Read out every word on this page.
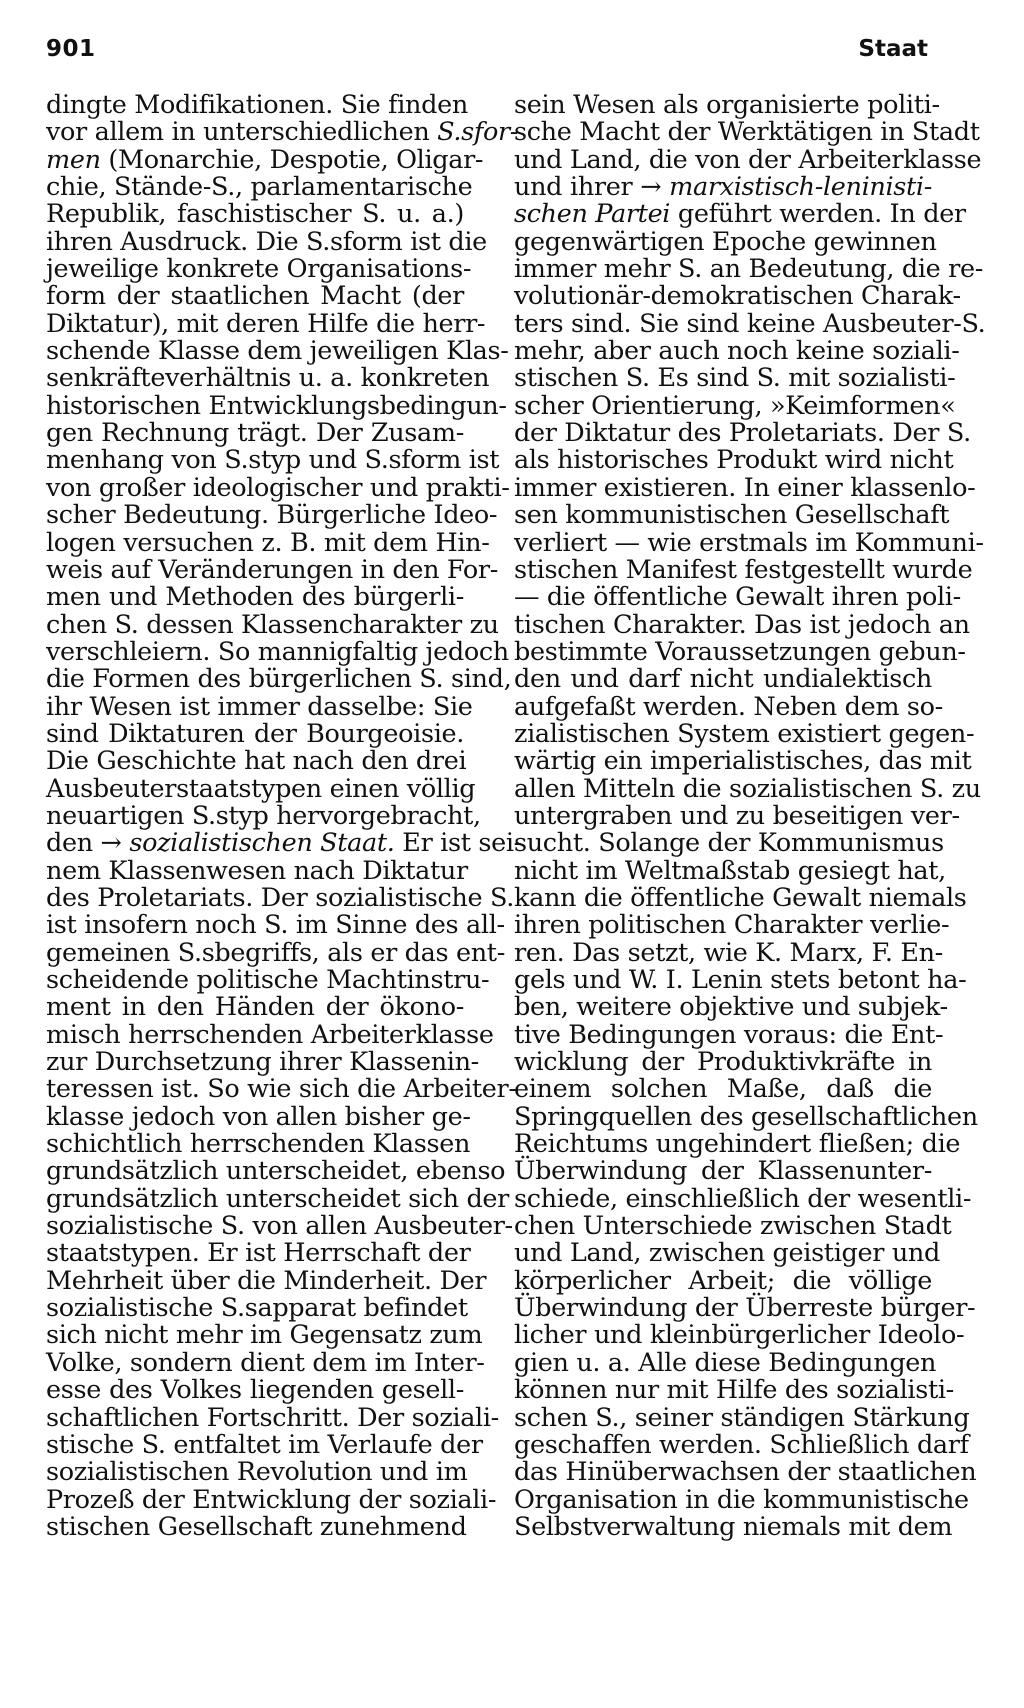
901	Staat
dingte Modifikationen. Sie finden
vor allem in unterschiedlichen S.sfor-
men (Monarchie, Despotie, Oligar-
chie, Stände-S., parlamentarische
Republik, faschistischer S. u. a.)
ihren Ausdruck. Die S.sform ist die
jeweilige konkrete Organisations-
form der staatlichen Macht (der
Diktatur), mit deren Hilfe die herr-
schende Klasse dem jeweiligen Klas-
senkräfteverhältnis u. a. konkreten
historischen Entwicklungsbedingun-
gen Rechnung trägt. Der Zusam-
menhang von S.styp und S.sform ist
von großer ideologischer und prakti-
scher Bedeutung. Bürgerliche Ideo-
logen versuchen z. B. mit dem Hin-
weis auf Veränderungen in den For-
men und Methoden des bürgerli-
chen S. dessen Klassencharakter zu
verschleiern. So mannigfaltig jedoch
die Formen des bürgerlichen S. sind,
ihr Wesen ist immer dasselbe: Sie
sind Diktaturen der Bourgeoisie.
Die Geschichte hat nach den drei
Ausbeuterstaatstypen einen völlig
neuartigen S.styp hervorgebracht,
den → sozialistischen Staat. Er ist sei-
nem Klassenwesen nach Diktatur
des Proletariats. Der sozialistische S.
ist insofern noch S. im Sinne des all-
gemeinen S.sbegriffs, als er das ent-
scheidende politische Machtinstru-
ment in den Händen der ökono-
misch herrschenden Arbeiterklasse
zur Durchsetzung ihrer Klassenin-
teressen ist. So wie sich die Arbeiter-
klasse jedoch von allen bisher ge-
schichtlich herrschenden Klassen
grundsätzlich unterscheidet, ebenso
grundsätzlich unterscheidet sich der
sozialistische S. von allen Ausbeuter-
staatstypen. Er ist Herrschaft der
Mehrheit über die Minderheit. Der
sozialistische S.sapparat befindet
sich nicht mehr im Gegensatz zum
Volke, sondern dient dem im Inter-
esse des Volkes liegenden gesell-
schaftlichen Fortschritt. Der soziali-
stische S. entfaltet im Verlaufe der
sozialistischen Revolution und im
Prozeß der Entwicklung der soziali-
stischen Gesellschaft zunehmend
sein Wesen als organisierte politi-
sche Macht der Werktätigen in Stadt
und Land, die von der Arbeiterklasse
und ihrer → marxistisch-leninisti-
schen Partei geführt werden. In der
gegenwärtigen Epoche gewinnen
immer mehr S. an Bedeutung, die re-
volutionär-demokratischen Charak-
ters sind. Sie sind keine Ausbeuter-S.
mehr, aber auch noch keine soziali-
stischen S. Es sind S. mit sozialisti-
scher Orientierung, »Keimformen«
der Diktatur des Proletariats. Der S.
als historisches Produkt wird nicht
immer existieren. In einer klassenlo-
sen kommunistischen Gesellschaft
verliert — wie erstmals im Kommuni-
stischen Manifest festgestellt wurde
— die öffentliche Gewalt ihren poli-
tischen Charakter. Das ist jedoch an
bestimmte Voraussetzungen gebun-
den und darf nicht undialektisch
aufgefaßt werden. Neben dem so-
zialistischen System existiert gegen-
wärtig ein imperialistisches, das mit
allen Mitteln die sozialistischen S. zu
untergraben und zu beseitigen ver-
sucht. Solange der Kommunismus
nicht im Weltmaßstab gesiegt hat,
kann die öffentliche Gewalt niemals
ihren politischen Charakter verlie-
ren. Das setzt, wie K. Marx, F. En-
gels und W. I. Lenin stets betont ha-
ben, weitere objektive und subjek-
tive Bedingungen voraus: die Ent-
wicklung der Produktivkräfte in
einem solchen Maße, daß die
Springquellen des gesellschaftlichen
Reichtums ungehindert fließen; die
Überwindung der Klassenunter-
schiede, einschließlich der wesentli-
chen Unterschiede zwischen Stadt
und Land, zwischen geistiger und
körperlicher Arbeit; die völlige
Überwindung der Überreste bürger-
licher und kleinbürgerlicher Ideolo-
gien u. a. Alle diese Bedingungen
können nur mit Hilfe des sozialisti-
schen S., seiner ständigen Stärkung
geschaffen werden. Schließlich darf
das Hinüberwachsen der staatlichen
Organisation in die kommunistische
Selbstverwaltung niemals mit dem
